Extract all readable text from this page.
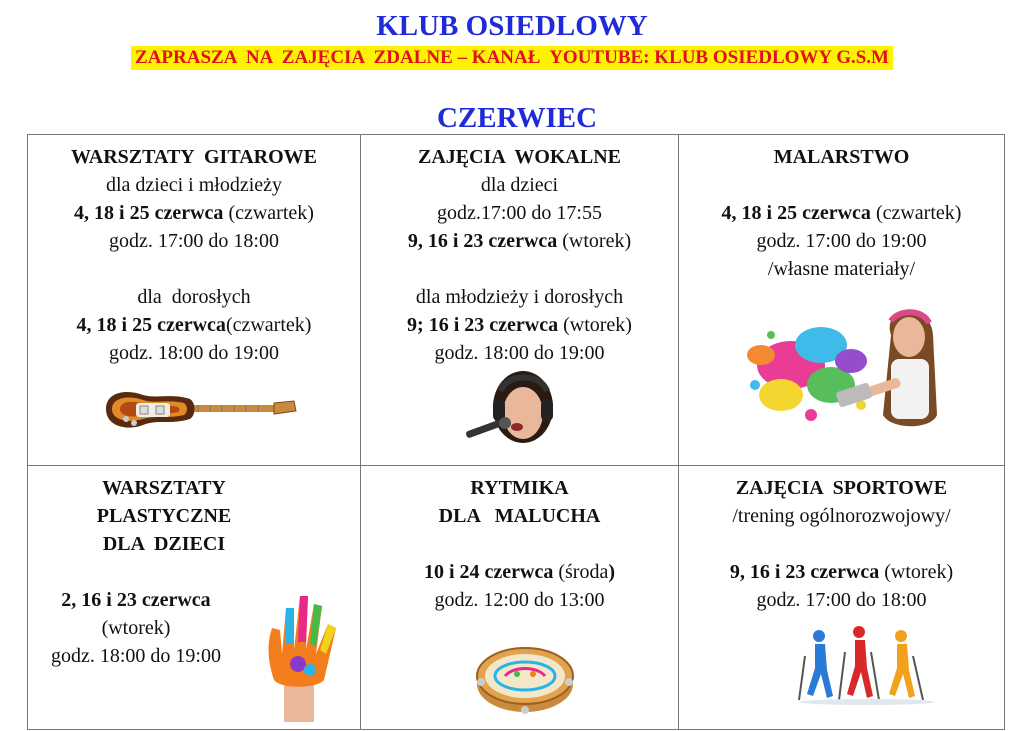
KLUB OSIEDLOWY
ZAPRASZA  NA  ZAJĘCIA  ZDALNE – KANAŁ  YOUTUBE: KLUB OSIEDLOWY G.S.M
CZERWIEC
WARSZTATY  GITAROWE
dla dzieci i młodzieży
4, 18 i 25 czerwca (czwartek)
godz. 17:00 do 18:00
dla  dorosłych
4, 18 i 25 czerwca(czwartek)
godz. 18:00 do 19:00
ZAJĘCIA  WOKALNE
dla dzieci
godz.17:00 do 17:55
9, 16 i 23 czerwca (wtorek)
dla młodzieży i dorosłych
9; 16 i 23 czerwca (wtorek)
godz. 18:00 do 19:00
MALARSTWO
4, 18 i 25 czerwca (czwartek)
godz. 17:00 do 19:00
/własne materiały/
WARSZTATY
PLASTYCZNE
DLA  DZIECI
2, 16 i 23 czerwca
(wtorek)
godz. 18:00 do 19:00
RYTMIKA
DLA   MALUCHA
10 i 24 czerwca (środa)
godz. 12:00 do 13:00
ZAJĘCIA  SPORTOWE
/trening ogólnorozwojowy/
9, 16 i 23 czerwca (wtorek)
godz. 17:00 do 18:00
